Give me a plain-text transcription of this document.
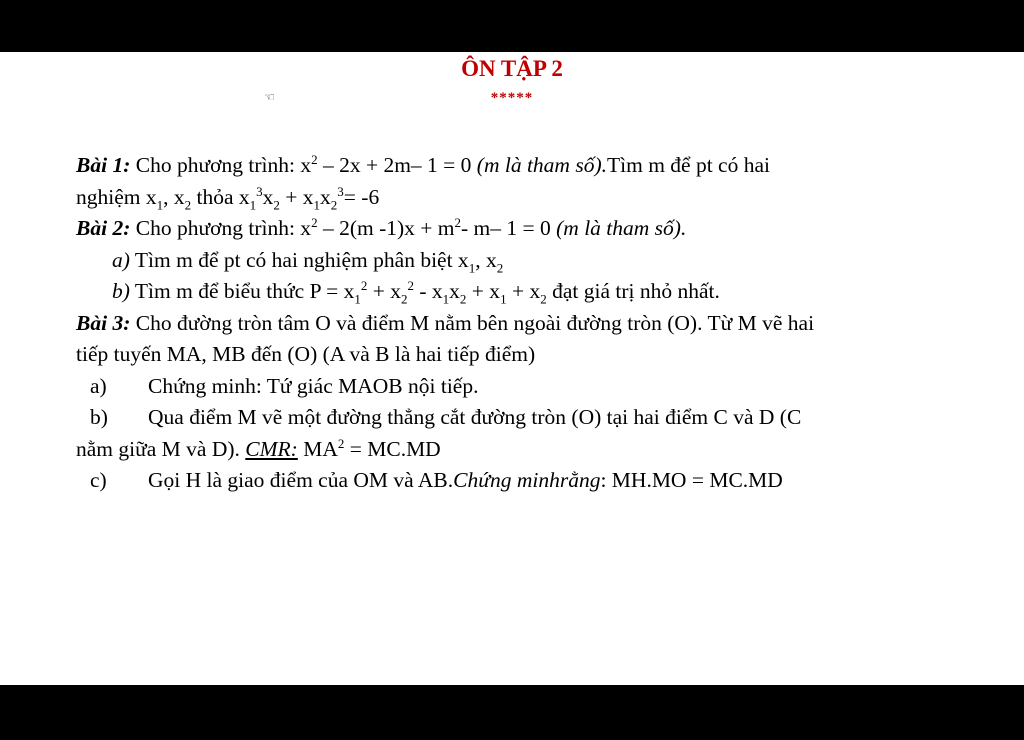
ÔN TẬP 2
☜	*****
Bài 1: Cho phương trình: $x^2 - 2x + 2m-$ 1 = 0 (m là tham số).Tìm m để pt có hai
nghiệm $x_1$, $x_2$ thỏa $x_1^3x_2 + x_1x_2^3= -6$
Bài 2: Cho phương trình: $x^2 - 2(m$ $-1)x + m^2-$ m– 1 = 0 (m là tham số).
a) Tìm m để pt có hai nghiệm phân biệt $x_1$, $x_2$
b) Tìm m để biểu thức $P = x_1^2 + x_2^2 - x_1x_2 + x_1 + x_2$ đạt giá trị nhỏ nhất.
Bài 3: Cho đường tròn tâm O và điểm M nằm bên ngoài đường tròn (O). Từ M vẽ hai
tiếp tuyến MA, MB đến (O) (A và B là hai tiếp điểm)
a) Chứng minh: Tứ giác MAOB nội tiếp.
b) Qua điểm M vẽ một đường thẳng cắt đường tròn (O) tại hai điểm C và D (C
nằm giữa M và D). CMR: $MA^2 = MC.MD$
c) Gọi H là giao điểm của OM và AB.Chứng minhrằng: MH.MO = MC.MD
